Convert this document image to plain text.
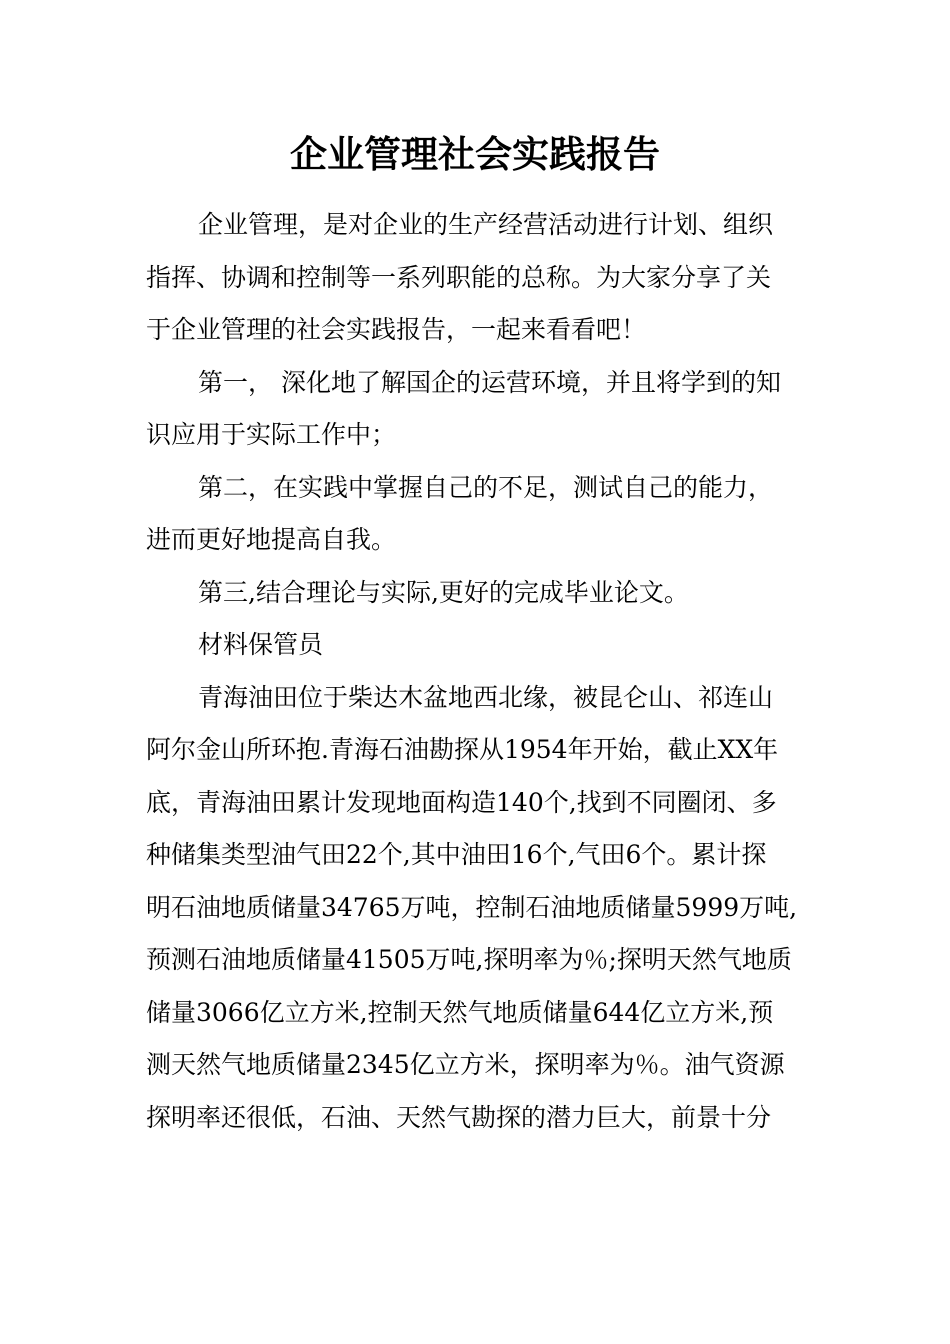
企业管理社会实践报告
企业管理，是对企业的生产经营活动进行计划、组织
指挥、协调和控制等一系列职能的总称。为大家分享了关
于企业管理的社会实践报告，一起来看看吧！
第一， 深化地了解国企的运营环境，并且将学到的知
识应用于实际工作中；
第二，在实践中掌握自己的不足，测试自己的能力，
进而更好地提高自我。
第三,结合理论与实际,更好的完成毕业论文。
材料保管员
青海油田位于柴达木盆地西北缘，被昆仑山、祁连山
阿尔金山所环抱.青海石油勘探从1954年开始，截止XX年
底，青海油田累计发现地面构造140个,找到不同圈闭、多
种储集类型油气田22个,其中油田16个,气田6个。累计探
明石油地质储量34765万吨，控制石油地质储量5999万吨,
预测石油地质储量41505万吨,探明率为％;探明天然气地质
储量3066亿立方米,控制天然气地质储量644亿立方米,预
测天然气地质储量2345亿立方米，探明率为％。油气资源
探明率还很低，石油、天然气勘探的潜力巨大，前景十分
